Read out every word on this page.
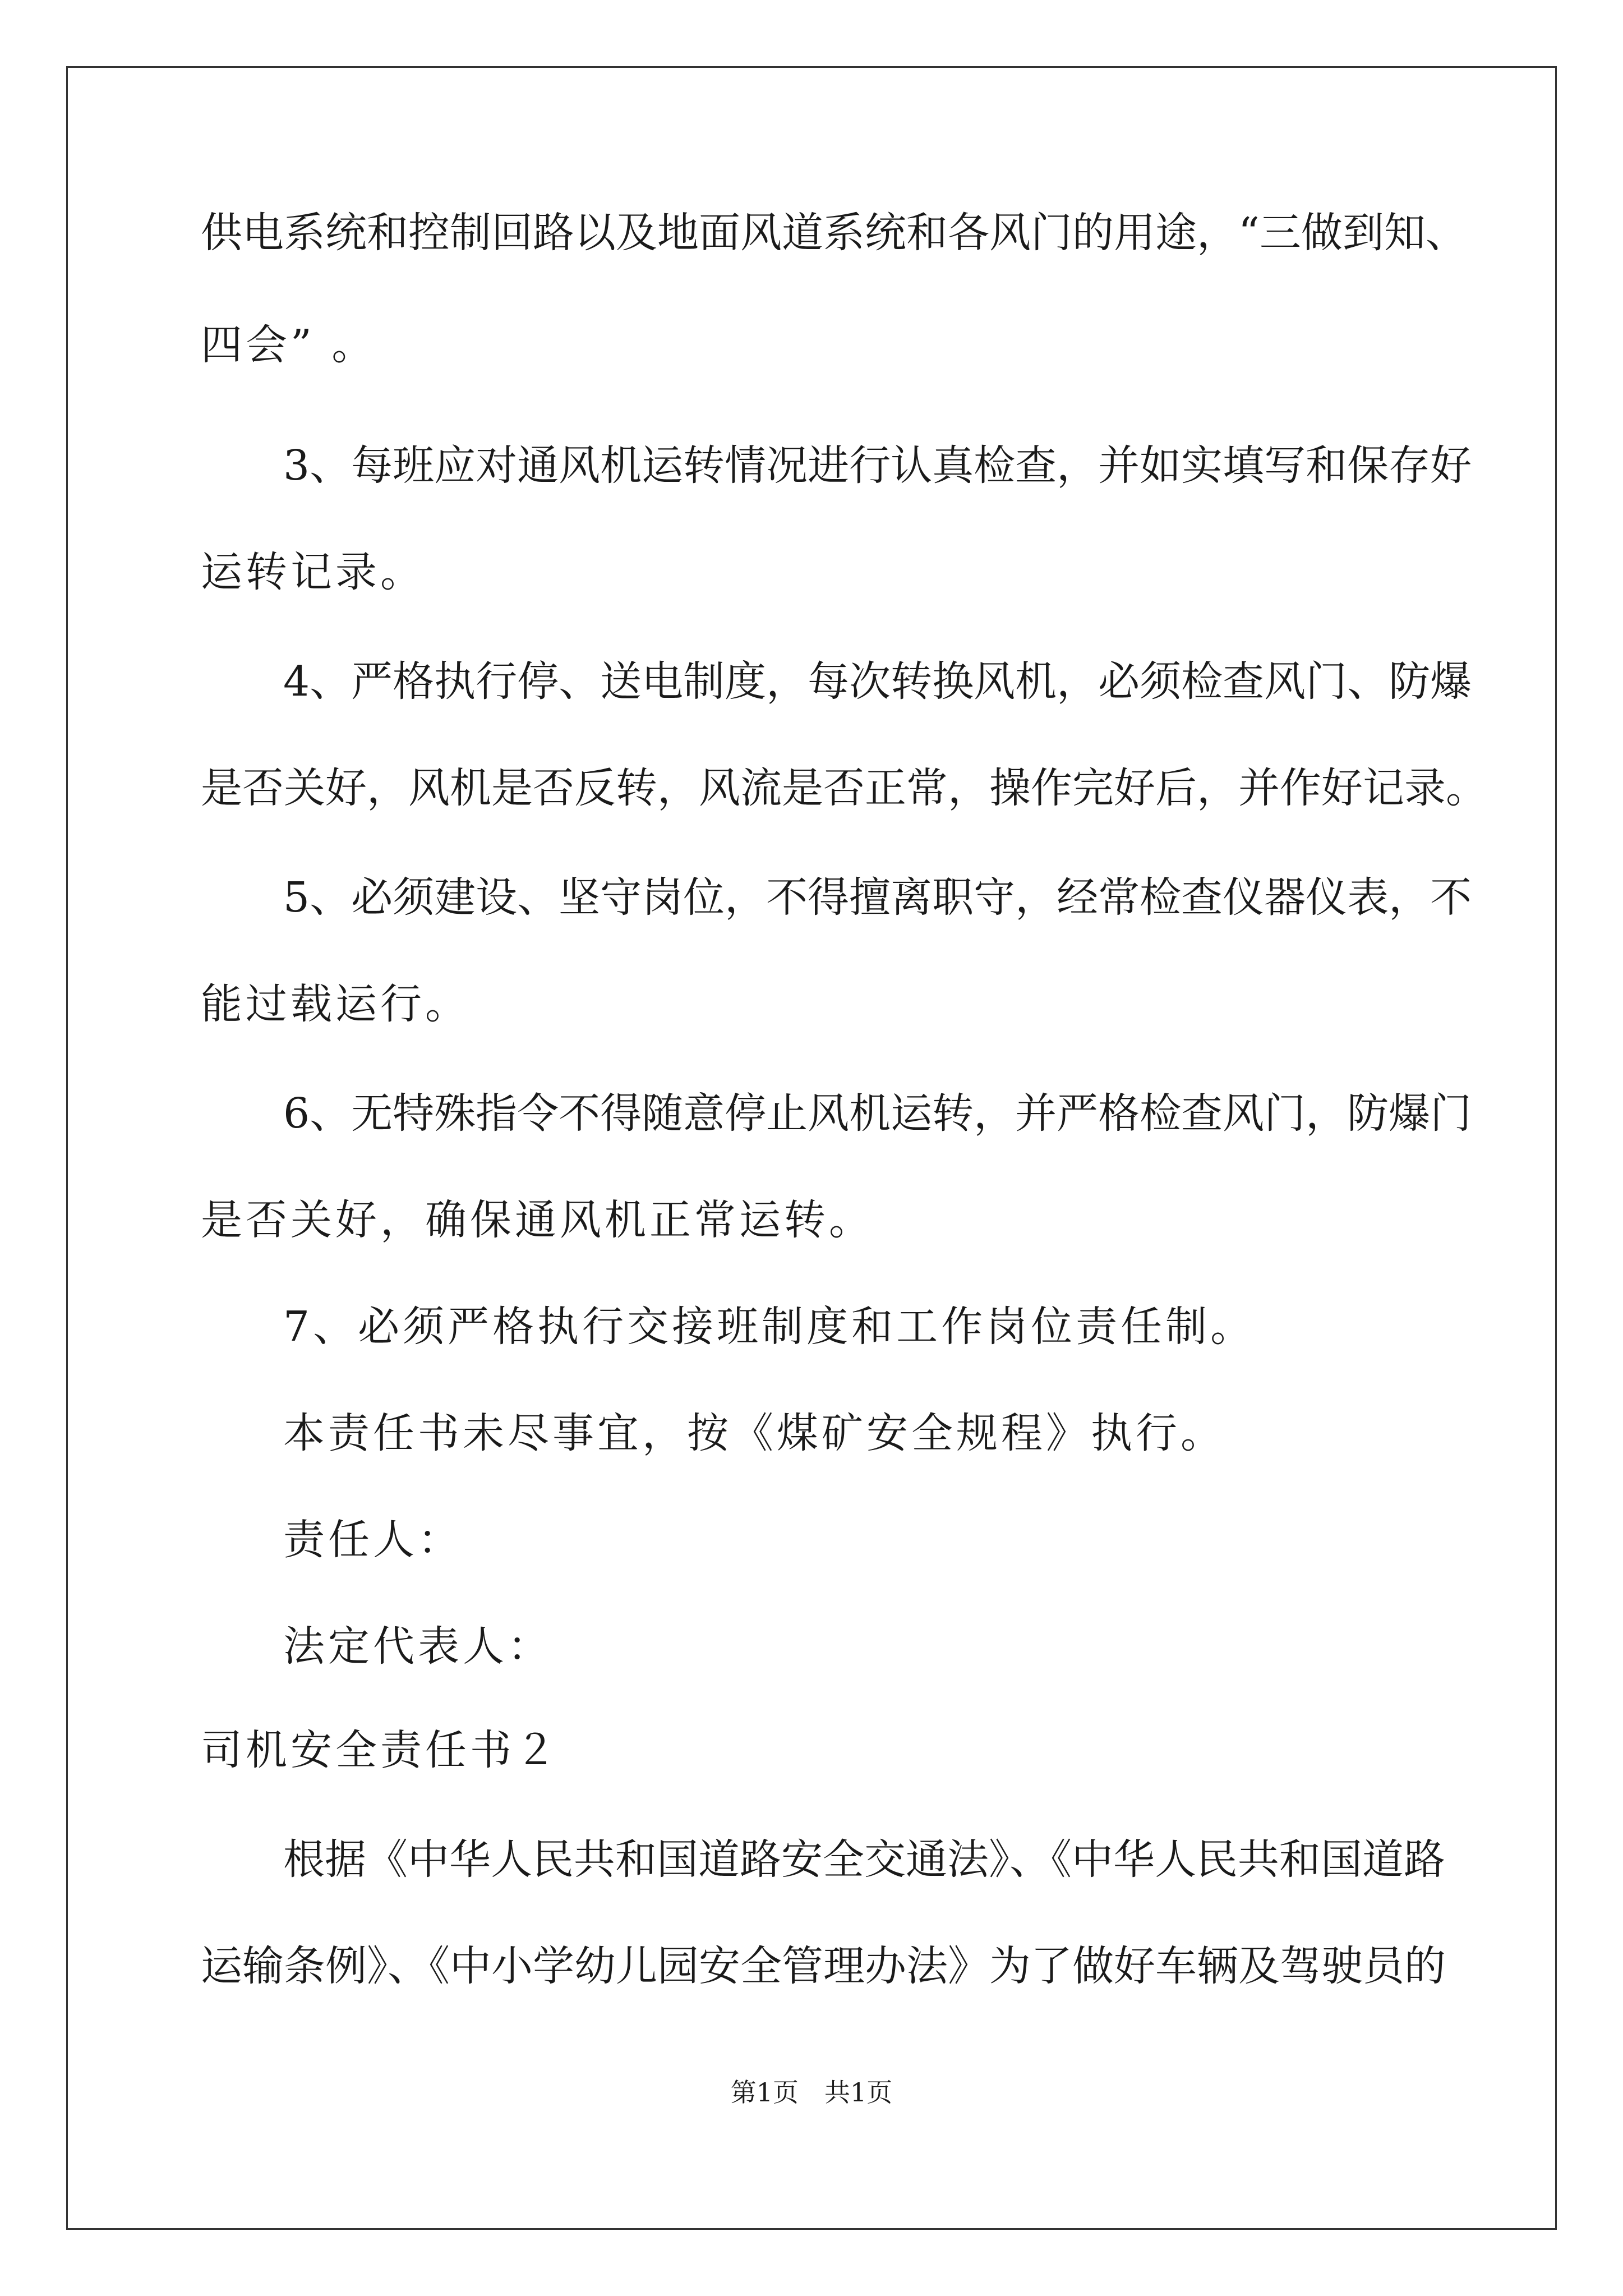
供电系统和控制回路以及地面风道系统和各风门的用途，“三做到知、
四会” 。
3、每班应对通风机运转情况进行认真检查，并如实填写和保存好
运转记录。
4、严格执行停、送电制度，每次转换风机，必须检查风门、防爆
是否关好，风机是否反转，风流是否正常，操作完好后，并作好记录。
5、必须建设、坚守岗位，不得擅离职守，经常检查仪器仪表，不
能过载运行。
6、无特殊指令不得随意停止风机运转，并严格检查风门，防爆门
是否关好，确保通风机正常运转。
7、必须严格执行交接班制度和工作岗位责任制。
本责任书未尽事宜，按《煤矿安全规程》执行。
责任人：
法定代表人：
司机安全责任书２
根据《中华人民共和国道路安全交通法》、《中华人民共和国道路
运输条例》、《中小学幼儿园安全管理办法》为了做好车辆及驾驶员的
第1页　共1页
